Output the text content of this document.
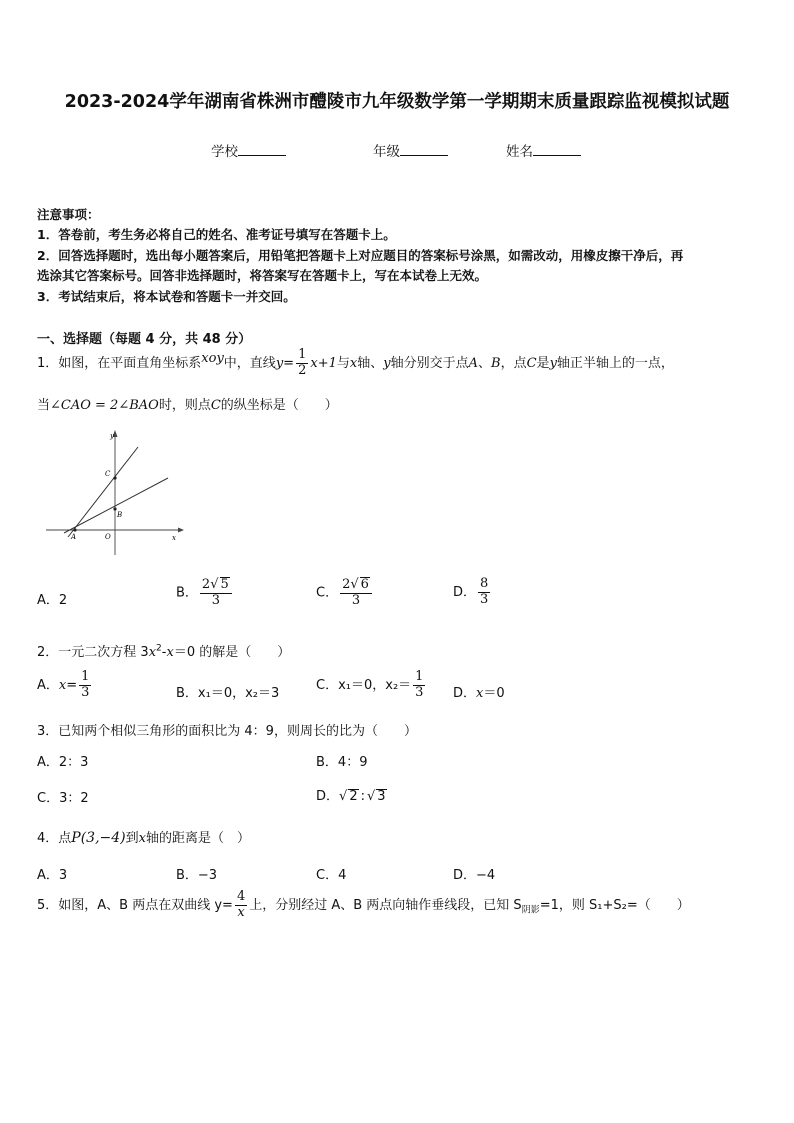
2023-2024学年湖南省株洲市醴陵市九年级数学第一学期期末质量跟踪监视模拟试题
学校	年级	姓名
注意事项：
1．答卷前，考生务必将自己的姓名、准考证号填写在答题卡上。
2．回答选择题时，选出每小题答案后，用铅笔把答题卡上对应题目的答案标号涂黑，如需改动，用橡皮擦干净后，再
选涂其它答案标号。回答非选择题时，将答案写在答题卡上，写在本试卷上无效。
3．考试结束后，将本试卷和答题卡一并交回。
一、选择题（每题 4 分，共 48 分）
1．如图，在平面直角坐标系xoy中，直线$y= \frac{1}{2} x+1$与x轴、y轴分别交于点A、B，点C是y轴正半轴上的一点，
当∠CAO = 2∠BAO时，则点C的纵坐标是（　　）
y
x
C
B
A	O
A．2
B． $\frac{2√ 5}{3}$	C． $\frac{2√ 6}{3}$	D． $\frac{8}{3}$
2．一元二次方程 $3x^2-x=0$ 的解是（　　）
A．$x= \frac{1}{3}$	B．x₁＝0，x₂＝3
C．x₁＝0，$x_2= \frac{1}{3}$ D．x＝0
3．已知两个相似三角形的面积比为 4：9，则周长的比为（　　）
A．2：3	B．4：9
C．3：2	D．√ 2 : √ 3
4．点P(3,−4)到x轴的距离是（　）
A．3	B．−3	C．4	D．−4
5．如图，A、B 两点在双曲线 $y= \frac{4}{x}$ 上，分别经过 A、B 两点向轴作垂线段，已知 $S_{阴影}=1$，则 S₁+S₂=（　　）
